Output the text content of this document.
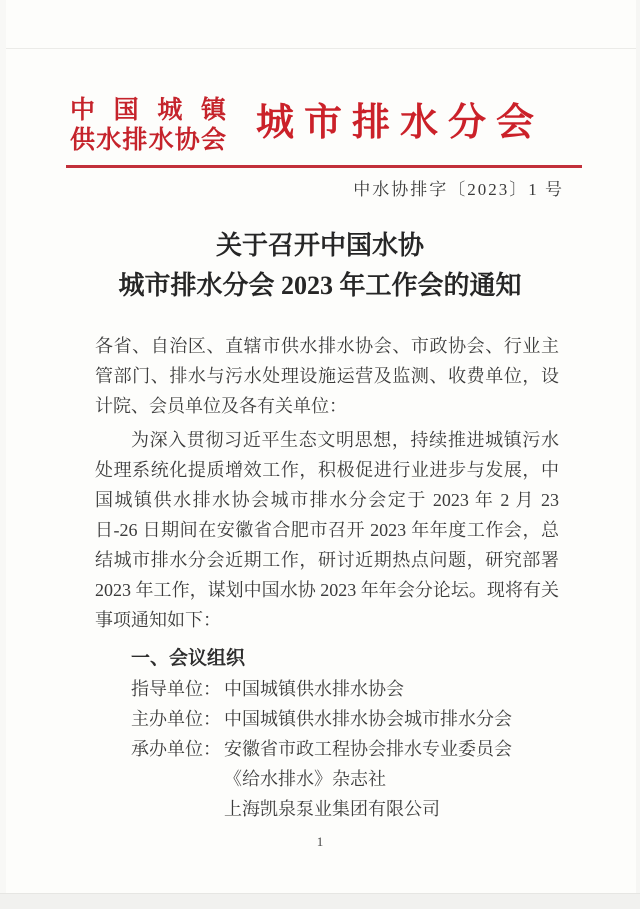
中国城镇
供水排水协会 城市排水分会
中水协排字〔2023〕1 号
关于召开中国水协
城市排水分会 2023 年工作会的通知

各省、自治区、直辖市供水排水协会、市政协会、行业主管部门、排水与污水处理设施运营及监测、收费单位，设计院、会员单位及各有关单位：

为深入贯彻习近平生态文明思想，持续推进城镇污水处理系统化提质增效工作，积极促进行业进步与发展，中国城镇供水排水协会城市排水分会定于 2023 年 2 月 23 日-26 日期间在安徽省合肥市召开 2023 年年度工作会，总结城市排水分会近期工作，研讨近期热点问题，研究部署 2023 年工作，谋划中国水协 2023 年年会分论坛。现将有关事项通知如下：

一、会议组织
指导单位： 中国城镇供水排水协会
主办单位： 中国城镇供水排水协会城市排水分会
承办单位： 安徽省市政工程协会排水专业委员会
《给水排水》杂志社
上海凯泉泵业集团有限公司
1
